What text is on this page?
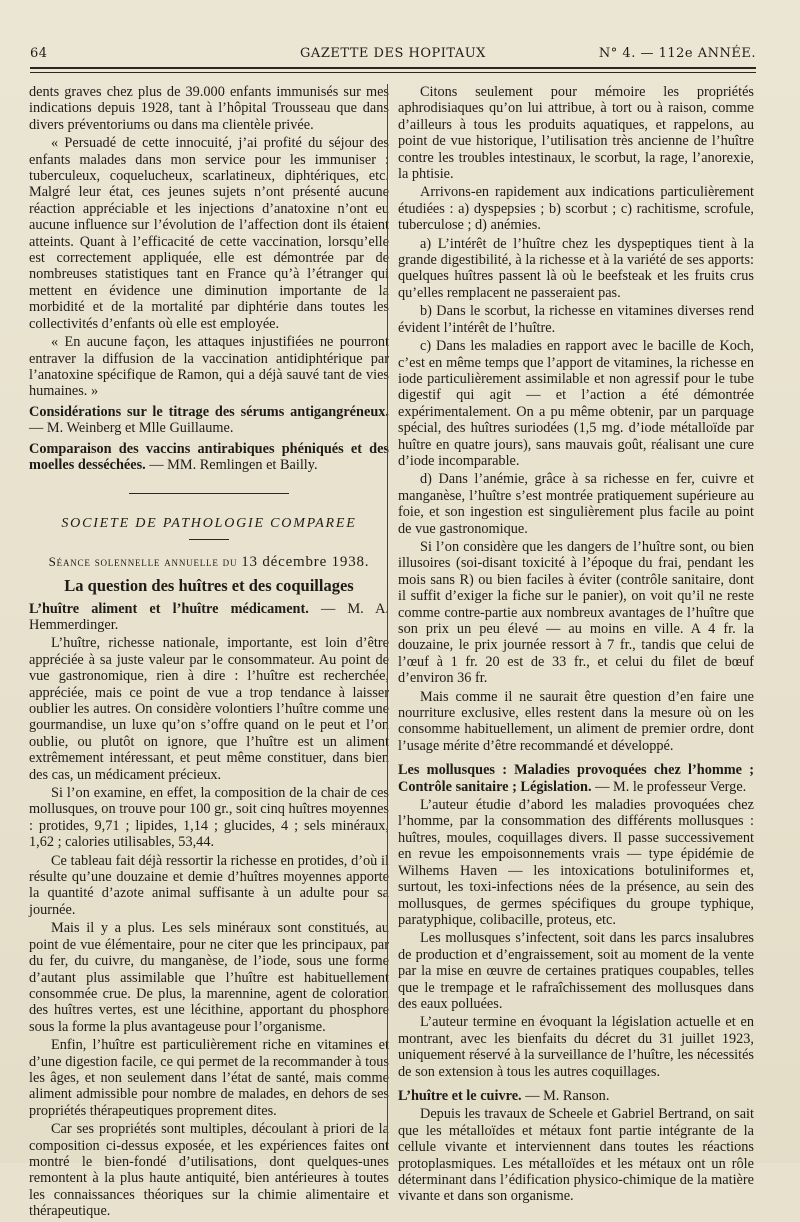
64	GAZETTE DES HOPITAUX	N° 4. — 112e ANNÉE.

dents graves chez plus de 39.000 enfants immunisés sur mes indications depuis 1928, tant à l’hôpital Trousseau que dans divers préventoriums ou dans ma clientèle privée.

« Persuadé de cette innocuité, j’ai profité du séjour des enfants malades dans mon service pour les immuniser : tuberculeux, coquelucheux, scarlatineux, diphtériques, etc. Malgré leur état, ces jeunes sujets n’ont présenté aucune réaction appréciable et les injections d’anatoxine n’ont eu aucune influence sur l’évolution de l’affection dont ils étaient atteints. Quant à l’efficacité de cette vaccination, lorsqu’elle est correctement appliquée, elle est démontrée par de nombreuses statistiques tant en France qu’à l’étranger qui mettent en évidence une diminution importante de la morbidité et de la mortalité par diphtérie dans toutes les collectivités d’enfants où elle est employée.

« En aucune façon, les attaques injustifiées ne pourront entraver la diffusion de la vaccination antidiphtérique par l’anatoxine spécifique de Ramon, qui a déjà sauvé tant de vies humaines. »

Considérations sur le titrage des sérums antigangréneux. — M. Weinberg et Mlle Guillaume.

Comparaison des vaccins antirabiques phéniqués et des moelles desséchées. — MM. Remlingen et Bailly.

SOCIETE DE PATHOLOGIE COMPAREE
Séance solennelle annuelle du 13 décembre 1938.
La question des huîtres et des coquillages

L’huître aliment et l’huître médicament. — M. A. Hemmerdinger.

L’huître, richesse nationale, importante, est loin d’être appréciée à sa juste valeur par le consommateur. Au point de vue gastronomique, rien à dire : l’huître est recherchée, appréciée, mais ce point de vue a trop tendance à laisser oublier les autres. On considère volontiers l’huître comme une gourmandise, un luxe qu’on s’offre quand on le peut et l’on oublie, ou plutôt on ignore, que l’huître est un aliment extrêmement intéressant, et peut même constituer, dans bien des cas, un médicament précieux.

Si l’on examine, en effet, la composition de la chair de ces mollusques, on trouve pour 100 gr., soit cinq huîtres moyennes : protides, 9,71 ; lipides, 1,14 ; glucides, 4 ; sels minéraux, 1,62 ; calories utilisables, 53,44.

Ce tableau fait déjà ressortir la richesse en protides, d’où il résulte qu’une douzaine et demie d’huîtres moyennes apporte la quantité d’azote animal suffisante à un adulte pour sa journée.

Mais il y a plus. Les sels minéraux sont constitués, au point de vue élémentaire, pour ne citer que les principaux, par du fer, du cuivre, du manganèse, de l’iode, sous une forme d’autant plus assimilable que l’huître est habituellement consommée crue. De plus, la marennine, agent de coloration des huîtres vertes, est une lécithine, apportant du phosphore sous la forme la plus avantageuse pour l’organisme.

Enfin, l’huître est particulièrement riche en vitamines et d’une digestion facile, ce qui permet de la recommander à tous les âges, et non seulement dans l’état de santé, mais comme aliment admissible pour nombre de malades, en dehors de ses propriétés thérapeutiques proprement dites.

Car ses propriétés sont multiples, découlant à priori de la composition ci-dessus exposée, et les expériences faites ont montré le bien-fondé d’utilisations, dont quelques-unes remontent à la plus haute antiquité, bien antérieures à toutes les connaissances théoriques sur la chimie alimentaire et thérapeutique.

Citons seulement pour mémoire les propriétés aphrodisiaques qu’on lui attribue, à tort ou à raison, comme d’ailleurs à tous les produits aquatiques, et rappelons, au point de vue historique, l’utilisation très ancienne de l’huître contre les troubles intestinaux, le scorbut, la rage, l’anorexie, la phtisie.

Arrivons-en rapidement aux indications particulièrement étudiées : a) dyspepsies ; b) scorbut ; c) rachitisme, scrofule, tuberculose ; d) anémies.

a) L’intérêt de l’huître chez les dyspeptiques tient à la grande digestibilité, à la richesse et à la variété de ses apports: quelques huîtres passent là où le beefsteak et les fruits crus qu’elles remplacent ne passeraient pas.

b) Dans le scorbut, la richesse en vitamines diverses rend évident l’intérêt de l’huître.

c) Dans les maladies en rapport avec le bacille de Koch, c’est en même temps que l’apport de vitamines, la richesse en iode particulièrement assimilable et non agressif pour le tube digestif qui agit — et l’action a été démontrée expérimentalement. On a pu même obtenir, par un parquage spécial, des huîtres suriodées (1,5 mg. d’iode métalloïde par huître en quatre jours), sans mauvais goût, réalisant une cure d’iode incomparable.

d) Dans l’anémie, grâce à sa richesse en fer, cuivre et manganèse, l’huître s’est montrée pratiquement supérieure au foie, et son ingestion est singulièrement plus facile au point de vue gastronomique.

Si l’on considère que les dangers de l’huître sont, ou bien illusoires (soi-disant toxicité à l’époque du frai, pendant les mois sans R) ou bien faciles à éviter (contrôle sanitaire, dont il suffit d’exiger la fiche sur le panier), on voit qu’il ne reste comme contre-partie aux nombreux avantages de l’huître que son prix un peu élevé — au moins en ville. A 4 fr. la douzaine, le prix journée ressort à 7 fr., tandis que celui de l’œuf à 1 fr. 20 est de 33 fr., et celui du filet de bœuf d’environ 36 fr.

Mais comme il ne saurait être question d’en faire une nourriture exclusive, elles restent dans la mesure où on les consomme habituellement, un aliment de premier ordre, dont l’usage mérite d’être recommandé et développé.

Les mollusques : Maladies provoquées chez l’homme ; Contrôle sanitaire ; Législation. — M. le professeur Verge.

L’auteur étudie d’abord les maladies provoquées chez l’homme, par la consommation des différents mollusques : huîtres, moules, coquillages divers. Il passe successivement en revue les empoisonnements vrais — type épidémie de Wilhems Haven — les intoxications botuliniformes et, surtout, les toxi-infections nées de la présence, au sein des mollusques, de germes spécifiques du groupe typhique, paratyphique, colibacille, proteus, etc.

Les mollusques s’infectent, soit dans les parcs insalubres de production et d’engraissement, soit au moment de la vente par la mise en œuvre de certaines pratiques coupables, telles que le trempage et le rafraîchissement des mollusques dans des eaux polluées.

L’auteur termine en évoquant la législation actuelle et en montrant, avec les bienfaits du décret du 31 juillet 1923, uniquement réservé à la surveillance de l’huître, les nécessités de son extension à tous les autres coquillages.

L’huître et le cuivre. — M. Ranson.

Depuis les travaux de Scheele et Gabriel Bertrand, on sait que les métalloïdes et métaux font partie intégrante de la cellule vivante et interviennent dans toutes les réactions protoplasmiques. Les métalloïdes et les métaux ont un rôle déterminant dans l’édification physico-chimique de la matière vivante et dans son organisme.
